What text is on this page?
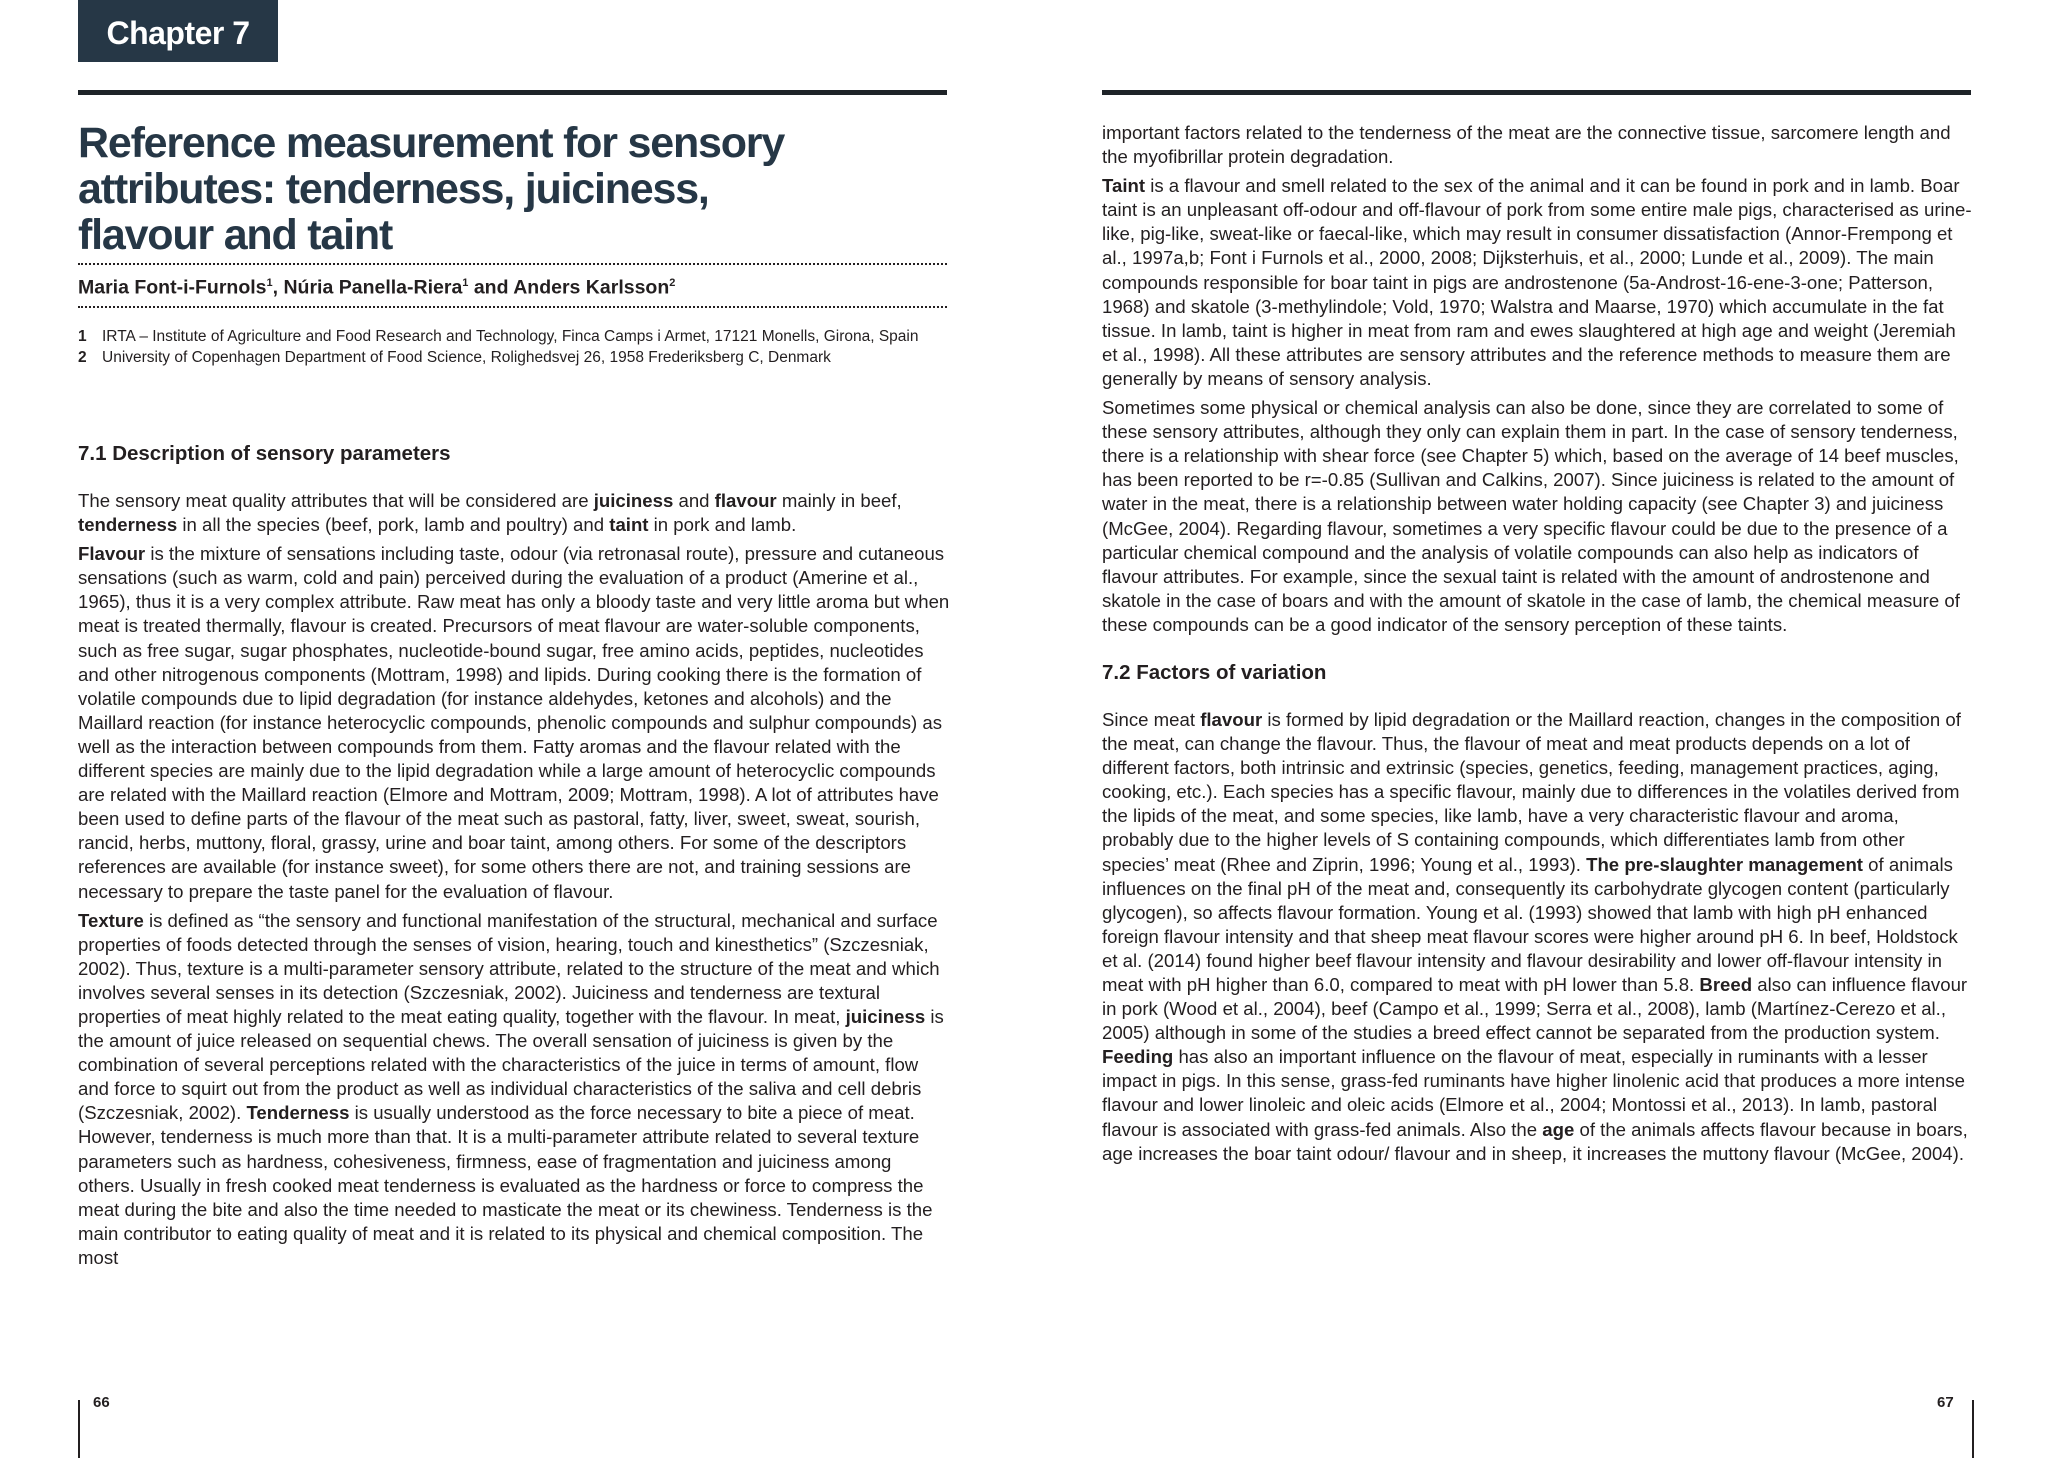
Chapter 7
Reference measurement for sensory
attributes: tenderness, juiciness,
flavour and taint
Maria Font-i-Furnols$^1$, Núria Panella-Riera$^1$ and Anders Karlsson$^2$
1 IRTA – Institute of Agriculture and Food Research and Technology, Finca Camps i Armet, 17121 Monells, Girona, Spain
2 University of Copenhagen Department of Food Science, Rolighedsvej 26, 1958 Frederiksberg C, Denmark
7.1 Description of sensory parameters

The sensory meat quality attributes that will be considered are juiciness and flavour mainly in beef, tenderness in all the species (beef, pork, lamb and poultry) and taint in pork and lamb.

Flavour is the mixture of sensations including taste, odour (via retronasal route), pressure and cutaneous sensations (such as warm, cold and pain) perceived during the evaluation of a product (Amerine et al., 1965), thus it is a very complex attribute. Raw meat has only a bloody taste and very little aroma but when meat is treated thermally, flavour is created. Precursors of meat flavour are water-soluble components, such as free sugar, sugar phosphates, nucleotide-bound sugar, free amino acids, peptides, nucleotides and other nitrogenous components (Mottram, 1998) and lipids. During cooking there is the formation of volatile compounds due to lipid degradation (for instance aldehydes, ketones and alcohols) and the Maillard reaction (for instance heterocyclic compounds, phenolic compounds and sulphur compounds) as well as the interaction between compounds from them. Fatty aromas and the flavour related with the different species are mainly due to the lipid degradation while a large amount of heterocyclic compounds are related with the Maillard reaction (Elmore and Mottram, 2009; Mottram, 1998). A lot of attributes have been used to define parts of the flavour of the meat such as pastoral, fatty, liver, sweet, sweat, sourish, rancid, herbs, muttony, floral, grassy, urine and boar taint, among others. For some of the descriptors references are available (for instance sweet), for some others there are not, and training sessions are necessary to prepare the taste panel for the evaluation of flavour.

Texture is defined as “the sensory and functional manifestation of the structural, mechanical and surface properties of foods detected through the senses of vision, hearing, touch and kinesthetics” (Szczesniak, 2002). Thus, texture is a multi-parameter sensory attribute, related to the structure of the meat and which involves several senses in its detection (Szczesniak, 2002). Juiciness and tenderness are textural properties of meat highly related to the meat eating quality, together with the flavour. In meat, juiciness is the amount of juice released on sequential chews. The overall sensation of juiciness is given by the combination of several perceptions related with the characteristics of the juice in terms of amount, flow and force to squirt out from the product as well as individual characteristics of the saliva and cell debris (Szczesniak, 2002). Tenderness is usually understood as the force necessary to bite a piece of meat. However, tenderness is much more than that. It is a multi-parameter attribute related to several texture parameters such as hardness, cohesiveness, firmness, ease of fragmentation and juiciness among others. Usually in fresh cooked meat tenderness is evaluated as the hardness or force to compress the meat during the bite and also the time needed to masticate the meat or its chewiness. Tenderness is the main contributor to eating quality of meat and it is related to its physical and chemical composition. The most

66

important factors related to the tenderness of the meat are the connective tissue, sarcomere length and the myofibrillar protein degradation.

Taint is a flavour and smell related to the sex of the animal and it can be found in pork and in lamb. Boar taint is an unpleasant off-odour and off-flavour of pork from some entire male pigs, characterised as urine-like, pig-like, sweat-like or faecal-like, which may result in consumer dissatisfaction (Annor-Frempong et al., 1997a,b; Font i Furnols et al., 2000, 2008; Dijksterhuis, et al., 2000; Lunde et al., 2009). The main compounds responsible for boar taint in pigs are androstenone (5a-Androst-16-ene-3-one; Patterson, 1968) and skatole (3-methylindole; Vold, 1970; Walstra and Maarse, 1970) which accumulate in the fat tissue. In lamb, taint is higher in meat from ram and ewes slaughtered at high age and weight (Jeremiah et al., 1998). All these attributes are sensory attributes and the reference methods to measure them are generally by means of sensory analysis.

Sometimes some physical or chemical analysis can also be done, since they are correlated to some of these sensory attributes, although they only can explain them in part. In the case of sensory tenderness, there is a relationship with shear force (see Chapter 5) which, based on the average of 14 beef muscles, has been reported to be r=-0.85 (Sullivan and Calkins, 2007). Since juiciness is related to the amount of water in the meat, there is a relationship between water holding capacity (see Chapter 3) and juiciness (McGee, 2004). Regarding flavour, sometimes a very specific flavour could be due to the presence of a particular chemical compound and the analysis of volatile compounds can also help as indicators of flavour attributes. For example, since the sexual taint is related with the amount of androstenone and skatole in the case of boars and with the amount of skatole in the case of lamb, the chemical measure of these compounds can be a good indicator of the sensory perception of these taints.

7.2 Factors of variation

Since meat flavour is formed by lipid degradation or the Maillard reaction, changes in the composition of the meat, can change the flavour. Thus, the flavour of meat and meat products depends on a lot of different factors, both intrinsic and extrinsic (species, genetics, feeding, management practices, aging, cooking, etc.). Each species has a specific flavour, mainly due to differences in the volatiles derived from the lipids of the meat, and some species, like lamb, have a very characteristic flavour and aroma, probably due to the higher levels of S containing compounds, which differentiates lamb from other species’ meat (Rhee and Ziprin, 1996; Young et al., 1993). The pre-slaughter management of animals influences on the final pH of the meat and, consequently its carbohydrate glycogen content (particularly glycogen), so affects flavour formation. Young et al. (1993) showed that lamb with high pH enhanced foreign flavour intensity and that sheep meat flavour scores were higher around pH 6. In beef, Holdstock et al. (2014) found higher beef flavour intensity and flavour desirability and lower off-flavour intensity in meat with pH higher than 6.0, compared to meat with pH lower than 5.8. Breed also can influence flavour in pork (Wood et al., 2004), beef (Campo et al., 1999; Serra et al., 2008), lamb (Martínez-Cerezo et al., 2005) although in some of the studies a breed effect cannot be separated from the production system. Feeding has also an important influence on the flavour of meat, especially in ruminants with a lesser impact in pigs. In this sense, grass-fed ruminants have higher linolenic acid that produces a more intense flavour and lower linoleic and oleic acids (Elmore et al., 2004; Montossi et al., 2013). In lamb, pastoral flavour is associated with grass-fed animals. Also the age of the animals affects flavour because in boars, age increases the boar taint odour/ flavour and in sheep, it increases the muttony flavour (McGee, 2004).

67
